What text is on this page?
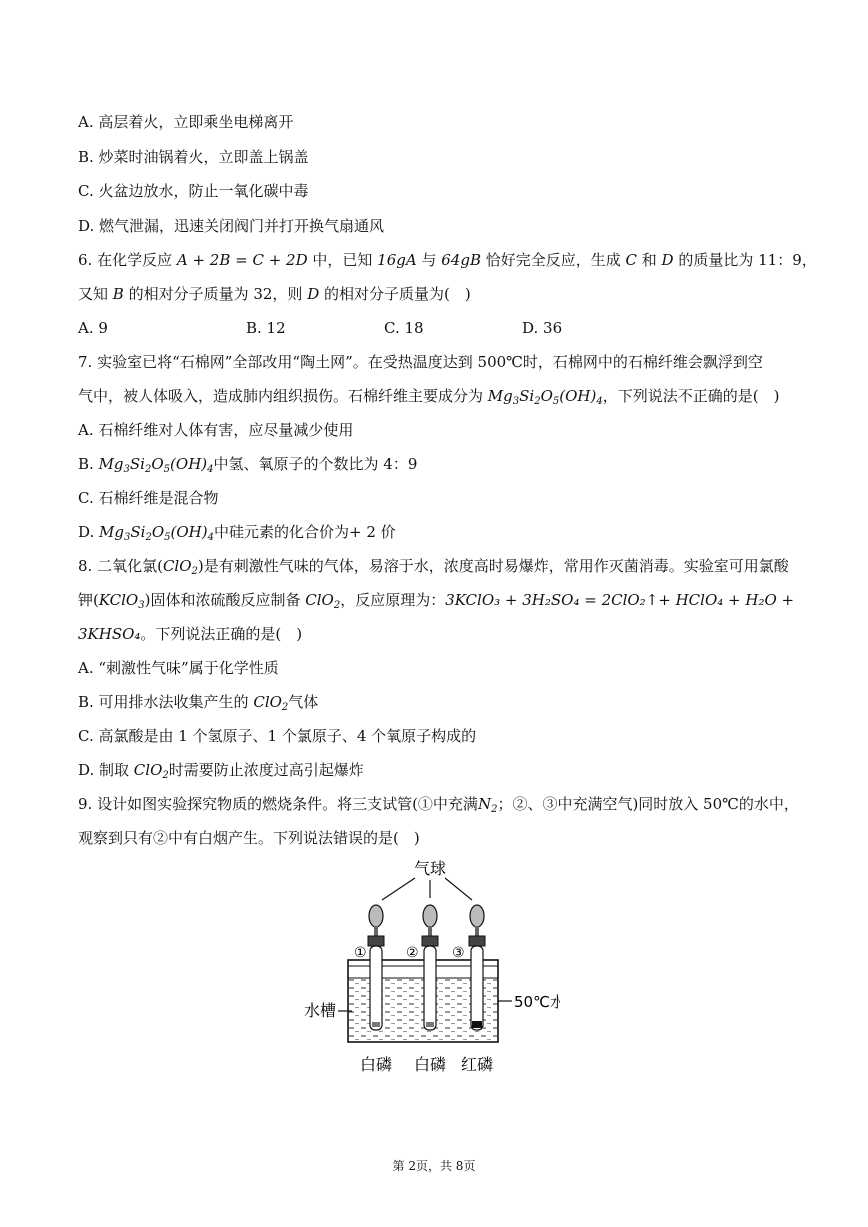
A. 高层着火，立即乘坐电梯离开
B. 炒菜时油锅着火，立即盖上锅盖
C. 火盆边放水，防止一氧化碳中毒
D. 燃气泄漏，迅速关闭阀门并打开换气扇通风
6. 在化学反应 A + 2B = C + 2D 中，已知 16gA 与 64gB 恰好完全反应，生成 C 和 D 的质量比为 11：9，
又知 B 的相对分子质量为 32，则 D 的相对分子质量为(　)
A. 9	B. 12	C. 18	D. 36
7. 实验室已将“石棉网”全部改用“陶土网”。在受热温度达到 500℃时，石棉网中的石棉纤维会飘浮到空
气中，被人体吸入，造成肺内组织损伤。石棉纤维主要成分为 $Mg_3Si_2O_5(OH)_4$，下列说法不正确的是(　)
A. 石棉纤维对人体有害，应尽量减少使用
B. $Mg_3Si_2O_5(OH)_4$中氢、氧原子的个数比为 4：9
C. 石棉纤维是混合物
D. $Mg_3Si_2O_5(OH)_4$中硅元素的化合价为+ 2 价
8. 二氧化氯(ClO$_2$)是有刺激性气味的气体，易溶于水，浓度高时易爆炸，常用作灭菌消毒。实验室可用氯酸
钾(KClO$_3$)固体和浓硫酸反应制备 ClO$_2$，反应原理为：3KClO₃ + 3H₂SO₄ = 2ClO₂↑+ HClO₄ + H₂O +
3KHSO₄。下列说法正确的是(　)
A. “刺激性气味”属于化学性质
B. 可用排水法收集产生的 ClO$_2$气体
C. 高氯酸是由 1 个氢原子、1 个氯原子、4 个氧原子构成的
D. 制取 ClO$_2$时需要防止浓度过高引起爆炸
9. 设计如图实验探究物质的燃烧条件。将三支试管(①中充满$N_2$；②、③中充满空气)同时放入 50℃的水中，
观察到只有②中有白烟产生。下列说法错误的是(　)
气球
①	② ③
水槽	50℃水
白磷 白磷 红磷
第 2页，共 8页
